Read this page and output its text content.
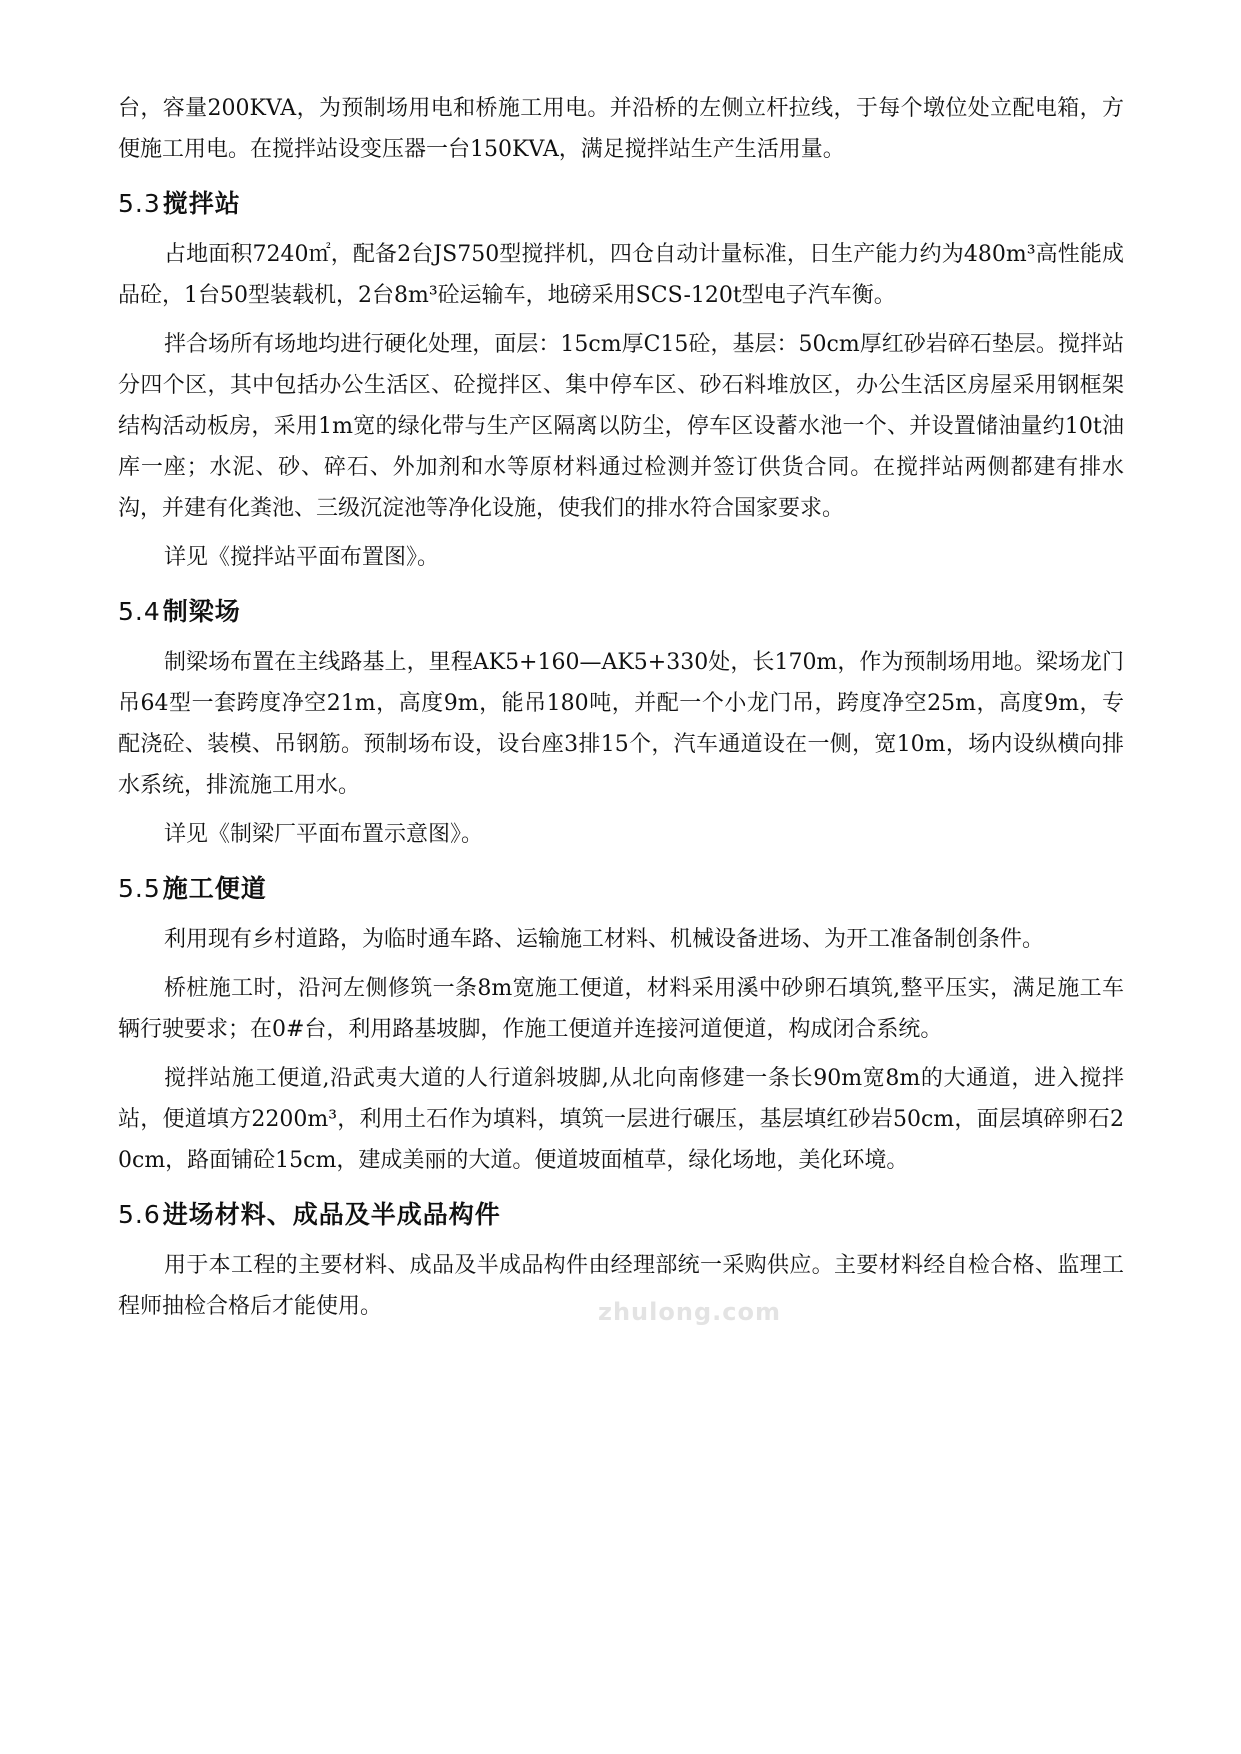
台，容量200KVA，为预制场用电和桥施工用电。并沿桥的左侧立杆拉线，于每个墩位处立配电箱，方便施工用电。在搅拌站设变压器一台150KVA，满足搅拌站生产生活用量。

5.3搅拌站

占地面积7240㎡，配备2台JS750型搅拌机，四仓自动计量标准，日生产能力约为480m³高性能成品砼，1台50型装载机，2台8m³砼运输车，地磅采用SCS-120t型电子汽车衡。

拌合场所有场地均进行硬化处理，面层：15cm厚C15砼，基层：50cm厚红砂岩碎石垫层。搅拌站分四个区，其中包括办公生活区、砼搅拌区、集中停车区、砂石料堆放区，办公生活区房屋采用钢框架结构活动板房，采用1m宽的绿化带与生产区隔离以防尘，停车区设蓄水池一个、并设置储油量约10t油库一座；水泥、砂、碎石、外加剂和水等原材料通过检测并签订供货合同。在搅拌站两侧都建有排水沟，并建有化粪池、三级沉淀池等净化设施，使我们的排水符合国家要求。

详见《搅拌站平面布置图》。

5.4制梁场

制梁场布置在主线路基上，里程AK5+160—AK5+330处，长170m，作为预制场用地。梁场龙门吊64型一套跨度净空21m，高度9m，能吊180吨，并配一个小龙门吊，跨度净空25m，高度9m，专配浇砼、装模、吊钢筋。预制场布设，设台座3排15个，汽车通道设在一侧，宽10m，场内设纵横向排水系统，排流施工用水。

详见《制梁厂平面布置示意图》。

5.5施工便道

利用现有乡村道路，为临时通车路、运输施工材料、机械设备进场、为开工准备制创条件。

桥桩施工时，沿河左侧修筑一条8m宽施工便道，材料采用溪中砂卵石填筑,整平压实，满足施工车辆行驶要求；在0#台，利用路基坡脚，作施工便道并连接河道便道，构成闭合系统。

搅拌站施工便道,沿武夷大道的人行道斜坡脚,从北向南修建一条长90m宽8m的大通道，进入搅拌站，便道填方2200m³，利用土石作为填料，填筑一层进行碾压，基层填红砂岩50cm，面层填碎卵石20cm，路面铺砼15cm，建成美丽的大道。便道坡面植草，绿化场地，美化环境。

5.6进场材料、成品及半成品构件

用于本工程的主要材料、成品及半成品构件由经理部统一采购供应。主要材料经自检合格、监理工程师抽检合格后才能使用。	zhulong.com
